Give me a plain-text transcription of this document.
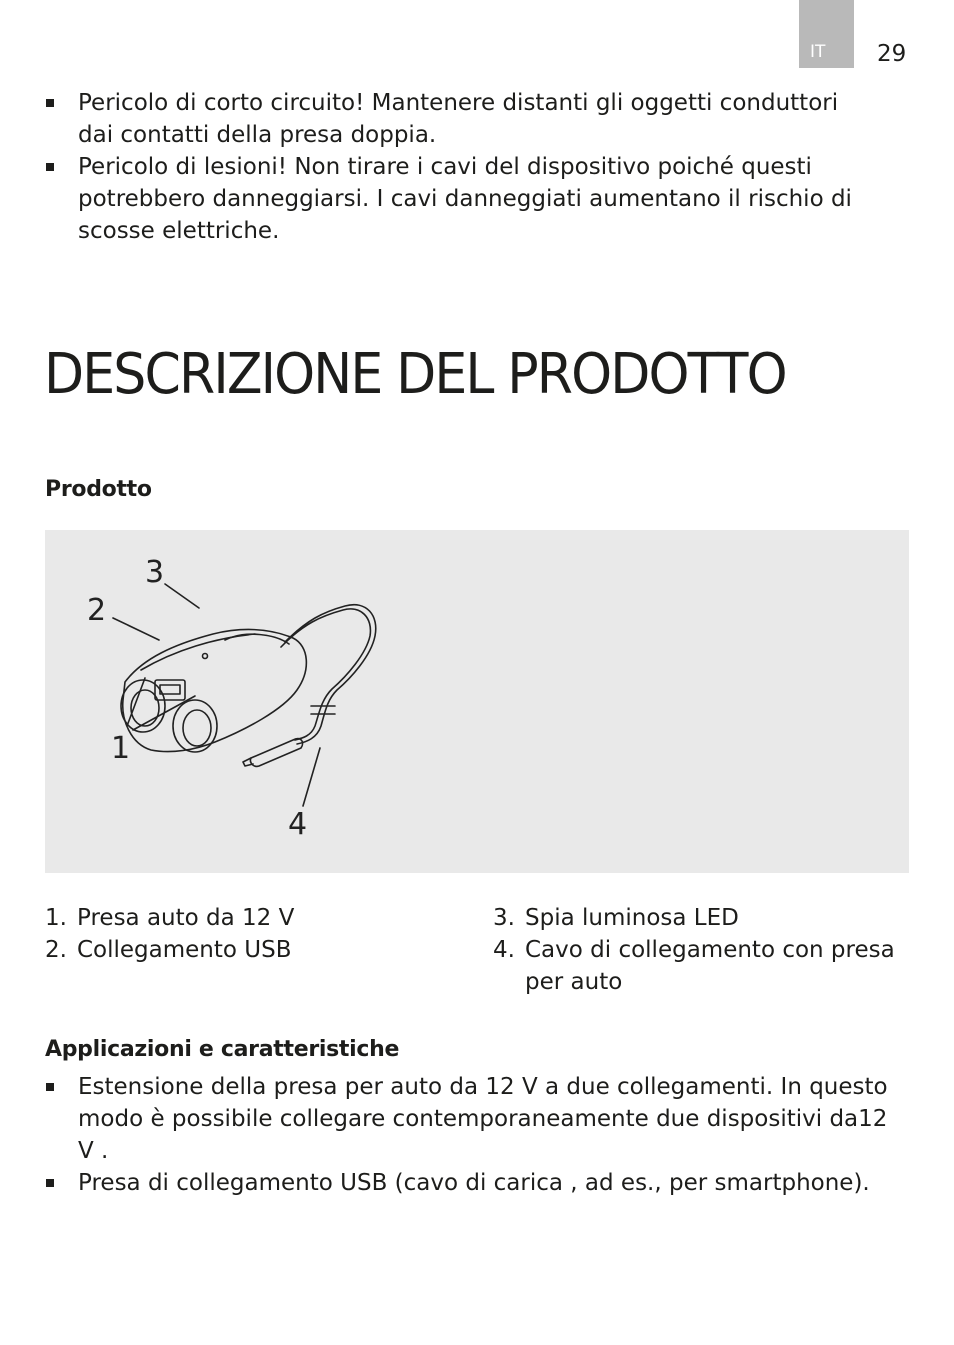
IT	29
Pericolo di corto circuito! Mantenere distanti gli oggetti conduttori dai contatti della presa doppia.
Pericolo di lesioni! Non tirare i cavi del dispositivo poiché questi potrebbero danneggiarsi. I cavi danneggiati aumentano il rischio di scosse elettriche.
DESCRIZIONE DEL PRODOTTO
Prodotto
1
2
3
4
1. Presa auto da 12 V
2. Collegamento USB
3. Spia luminosa LED
4. Cavo di collegamento con presa per auto
Applicazioni e caratteristiche
Estensione della presa per auto da 12 V a due collegamenti. In questo modo è possibile collegare contemporaneamente due dispositivi da12 V .
Presa di collegamento USB (cavo di carica , ad es., per smartphone).
